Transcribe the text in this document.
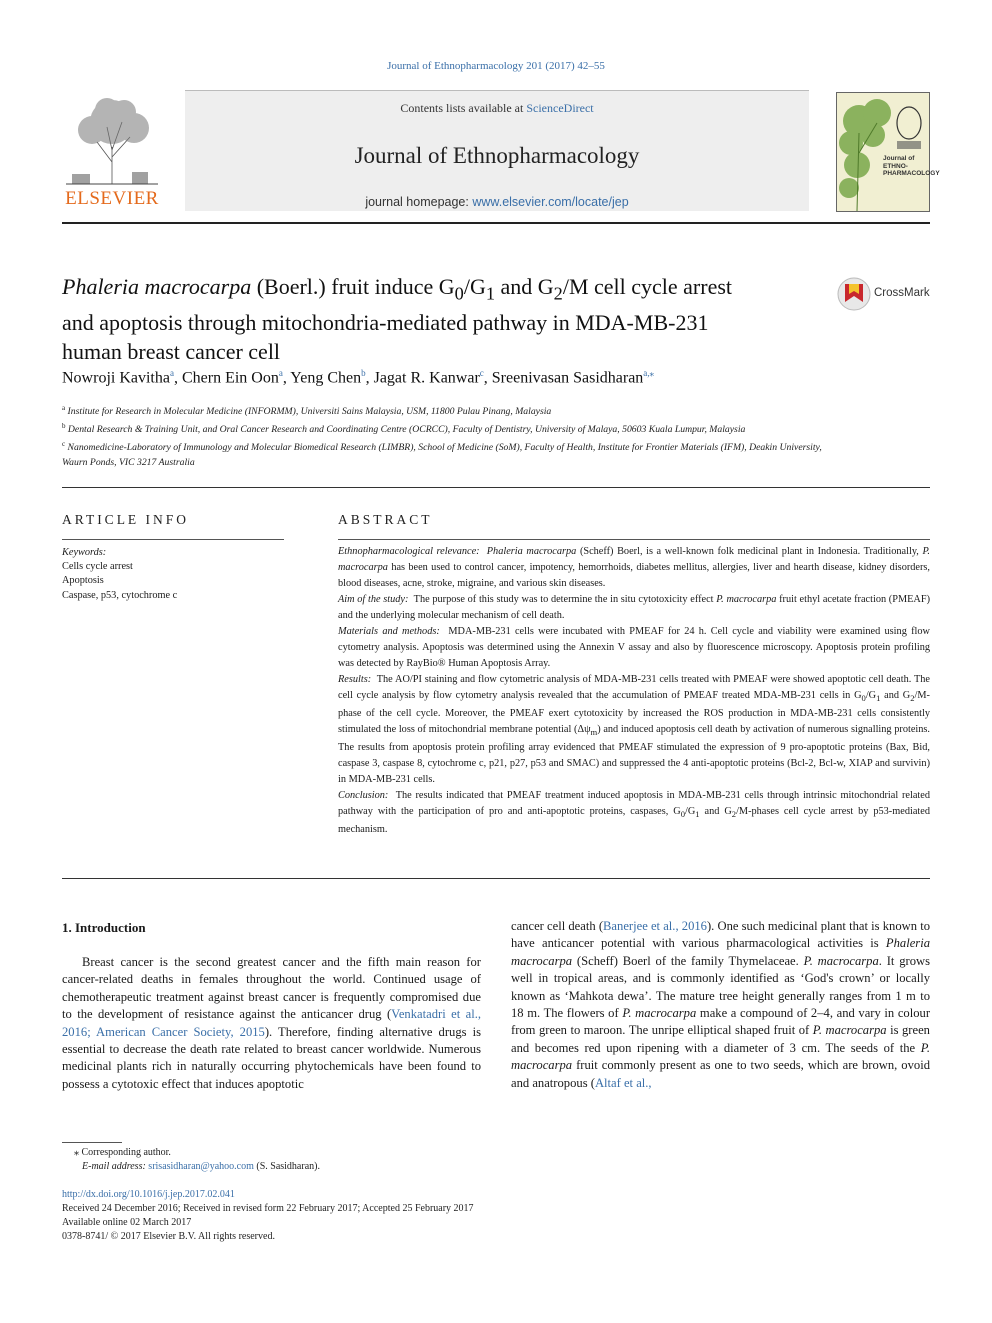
Journal of Ethnopharmacology 201 (2017) 42–55
ELSEVIER
Contents lists available at ScienceDirect
Journal of Ethnopharmacology
journal homepage: www.elsevier.com/locate/jep
Journal of
ETHNO-
PHARMACOLOGY
Phaleria macrocarpa (Boerl.) fruit induce $G_0/G_1$ and $G_2/M$ cell cycle arrest
and apoptosis through mitochondria-mediated pathway in MDA-MB-231
human breast cancer cell
CrossMark
Nowroji Kavitha$^a$, Chern Ein Oon$^a$, Yeng Chen$^b$, Jagat R. Kanwar$^c$, Sreenivasan Sasidharan$^{a,⁎}$
$^a$ Institute for Research in Molecular Medicine (INFORMM), Universiti Sains Malaysia, USM, 11800 Pulau Pinang, Malaysia
$^b$ Dental Research & Training Unit, and Oral Cancer Research and Coordinating Centre (OCRCC), Faculty of Dentistry, University of Malaya, 50603 Kuala Lumpur, Malaysia
$^c$ Nanomedicine-Laboratory of Immunology and Molecular Biomedical Research (LIMBR), School of Medicine (SoM), Faculty of Health, Institute for Frontier Materials (IFM), Deakin University, Waurn Ponds, VIC 3217 Australia
ARTICLE INFO	ABSTRACT
Keywords:
Cells cycle arrest
Apoptosis
Caspase, p53, cytochrome c

Ethnopharmacological relevance: Phaleria macrocarpa (Scheff) Boerl, is a well-known folk medicinal plant in Indonesia. Traditionally, P. macrocarpa has been used to control cancer, impotency, hemorrhoids, diabetes mellitus, allergies, liver and hearth disease, kidney disorders, blood diseases, acne, stroke, migraine, and various skin diseases.

Aim of the study: The purpose of this study was to determine the in situ cytotoxicity effect P. macrocarpa fruit ethyl acetate fraction (PMEAF) and the underlying molecular mechanism of cell death.

Materials and methods: MDA-MB-231 cells were incubated with PMEAF for 24 h. Cell cycle and viability were examined using flow cytometry analysis. Apoptosis was determined using the Annexin V assay and also by fluorescence microscopy. Apoptosis protein profiling was detected by RayBio® Human Apoptosis Array.

Results: The AO/PI staining and flow cytometric analysis of MDA-MB-231 cells treated with PMEAF were showed apoptotic cell death. The cell cycle analysis by flow cytometry analysis revealed that the accumulation of PMEAF treated MDA-MB-231 cells in $G_0/G_1$ and $G_2/M$-phase of the cell cycle. Moreover, the PMEAF exert cytotoxicity by increased the ROS production in MDA-MB-231 cells consistently stimulated the loss of mitochondrial membrane potential $(\Delta\psi_m)$ and induced apoptosis cell death by activation of numerous signalling proteins. The results from apoptosis protein profiling array evidenced that PMEAF stimulated the expression of 9 pro-apoptotic proteins (Bax, Bid, caspase 3, caspase 8, cytochrome c, p21, p27, p53 and SMAC) and suppressed the 4 anti-apoptotic proteins (Bcl-2, Bcl-w, XIAP and survivin) in MDA-MB-231 cells.

Conclusion: The results indicated that PMEAF treatment induced apoptosis in MDA-MB-231 cells through intrinsic mitochondrial related pathway with the participation of pro and anti-apoptotic proteins, caspases, $G_0/G_1$ and $G_2/M$-phases cell cycle arrest by p53-mediated mechanism.

1. Introduction

Breast cancer is the second greatest cancer and the fifth main reason for cancer-related deaths in females throughout the world. Continued usage of chemotherapeutic treatment against breast cancer is frequently compromised due to the development of resistance against the anticancer drug (Venkatadri et al., 2016; American Cancer Society, 2015). Therefore, finding alternative drugs is essential to decrease the death rate related to breast cancer worldwide. Numerous medicinal plants rich in naturally occurring phytochemicals have been found to possess a cytotoxic effect that induces apoptotic

cancer cell death (Banerjee et al., 2016). One such medicinal plant that is known to have anticancer potential with various pharmacological activities is Phaleria macrocarpa (Scheff) Boerl of the family Thymelaceae. P. macrocarpa. It grows well in tropical areas, and is commonly identified as ‘God's crown’ or locally known as ‘Mahkota dewa’. The mature tree height generally ranges from 1 m to 18 m. The flowers of P. macrocarpa make a compound of 2–4, and vary in colour from green to maroon. The unripe elliptical shaped fruit of P. macrocarpa is green and becomes red upon ripening with a diameter of 3 cm. The seeds of the P. macrocarpa fruit commonly present as one to two seeds, which are brown, ovoid and anatropous (Altaf et al.,

⁎ Corresponding author.
E-mail address: srisasidharan@yahoo.com (S. Sasidharan).
http://dx.doi.org/10.1016/j.jep.2017.02.041
Received 24 December 2016; Received in revised form 22 February 2017; Accepted 25 February 2017
Available online 02 March 2017
0378-8741/ © 2017 Elsevier B.V. All rights reserved.
